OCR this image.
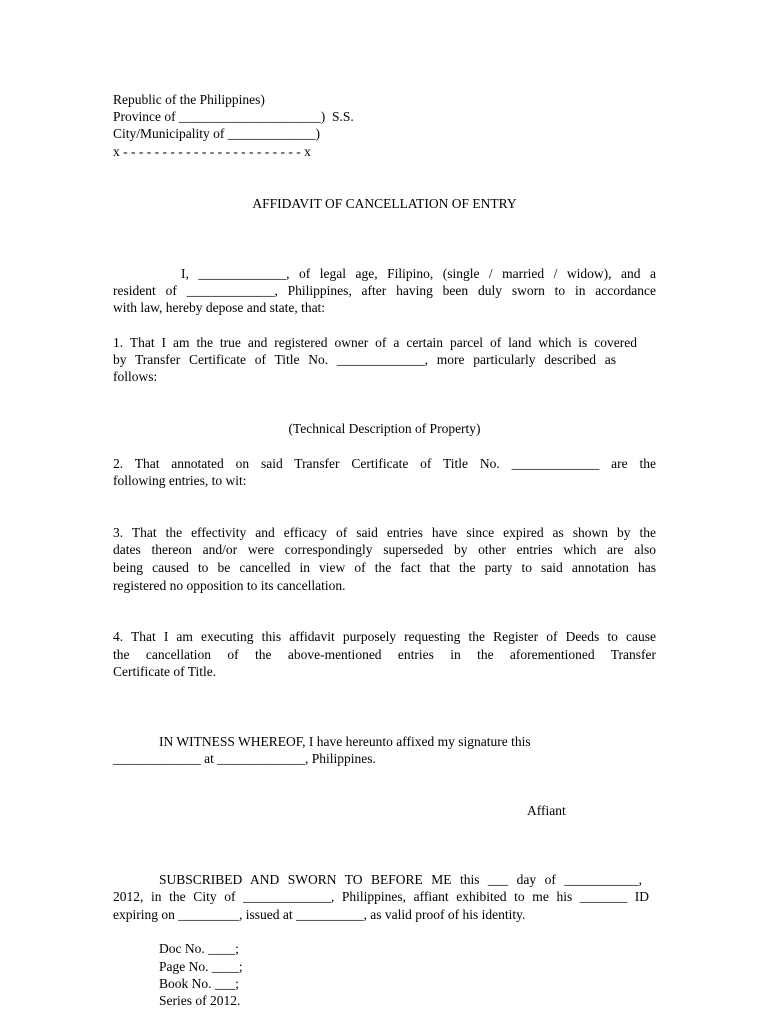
Republic of the Philippines)
Province of _____________________)  S.S.
City/Municipality of _____________)
x - - - - - - - - - - - - - - - - - - - - - - - x
AFFIDAVIT OF CANCELLATION OF ENTRY
I, _____________, of legal age, Filipino, (single / married / widow), and a
resident of _____________, Philippines, after having been duly sworn to in accordance
with law, hereby depose and state, that:
1. That I am the true and registered owner of a certain parcel of land which is covered
by Transfer Certificate of Title No. _____________, more particularly described as
follows:
(Technical Description of Property)
2. That annotated on said Transfer Certificate of Title No. _____________ are the
following entries, to wit:
3. That the effectivity and efficacy of said entries have since expired as shown by the
dates thereon and/or were correspondingly superseded by other entries which are also
being caused to be cancelled in view of the fact that the party to said annotation has
registered no opposition to its cancellation.
4. That I am executing this affidavit purposely requesting the Register of Deeds to cause
the cancellation of the above-mentioned entries in the aforementioned Transfer
Certificate of Title.
IN WITNESS WHEREOF, I have hereunto affixed my signature this
_____________ at _____________, Philippines.
Affiant
SUBSCRIBED AND SWORN TO BEFORE ME this ___ day of ___________,
2012, in the City of _____________, Philippines, affiant exhibited to me his _______ ID
expiring on _________, issued at __________, as valid proof of his identity.
Doc No. ____;
Page No. ____;
Book No. ___;
Series of 2012.
